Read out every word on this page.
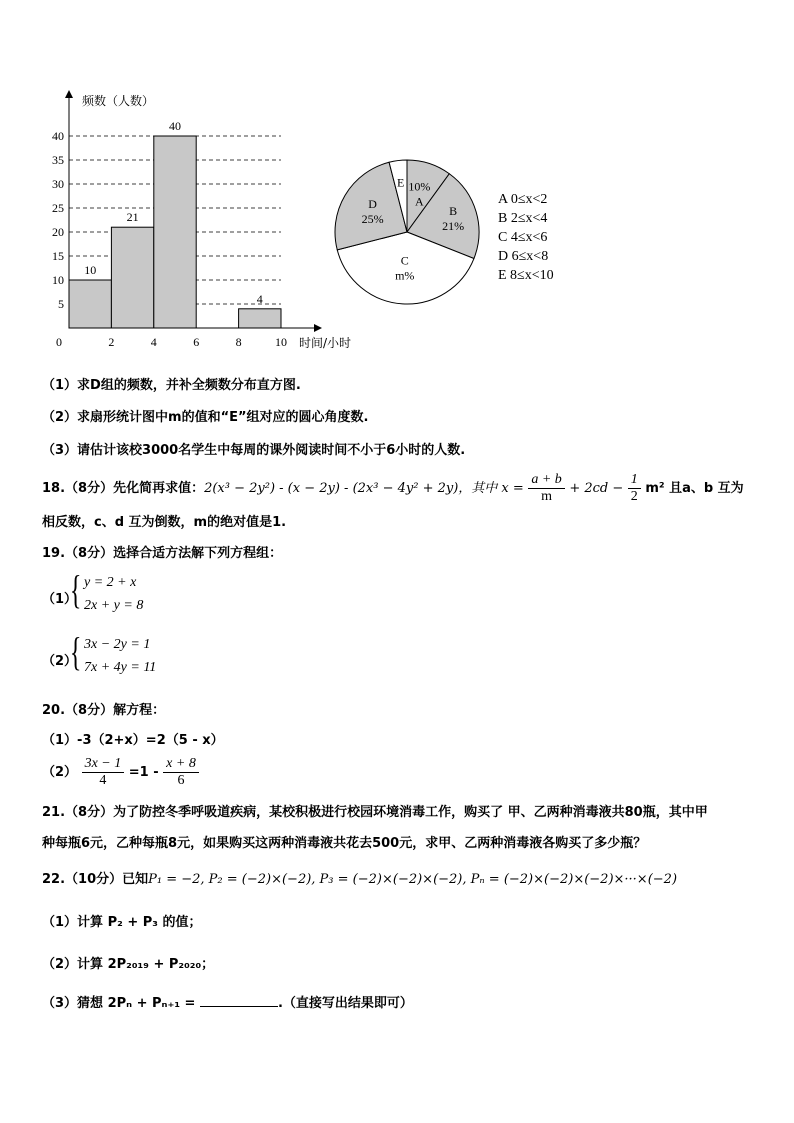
5
10
15
20
25
30
35
40
0	2	4	6	8	10
10
21
40
4
频数（人数）
时间/小时
10%
A
B
21%
C
m%
D
25%
E
A 0≤x<2
B 2≤x<4
C 4≤x<6
D 6≤x<8
E 8≤x<10
（1）求D组的频数，并补全频数分布直方图.
（2）求扇形统计图中m的值和“E”组对应的圆心角度数.
（3）请估计该校3000名学生中每周的课外阅读时间不小于6小时的人数.
18.（8分）先化简再求值：2(x³ − 2y²) - (x − 2y) - (2x³ − 4y² + 2y)，其中 $x = \frac{a + b}{m} + 2cd - \frac{1}{2} m^2$ 且a、b 互为
相反数，c、d 互为倒数，m的绝对值是1.
19.（8分）选择合适方法解下列方程组：
（1）
{ y = 2 + x
2x + y = 8
（2）
{ 3x − 2y = 1
7x + 4y = 11
20.（8分）解方程：
（1）-3（2+x）=2（5 - x）
$(2) \frac{3x - 1}{4} =1 - \frac{x + 8}{6}$
21.（8分）为了防控冬季呼吸道疾病，某校积极进行校园环境消毒工作，购买了 甲、乙两种消毒液共80瓶，其中甲
种每瓶6元，乙种每瓶8元，如果购买这两种消毒液共花去500元，求甲、乙两种消毒液各购买了多少瓶？
22.（10分）已知P₁ = −2, P₂ = (−2)×(−2), P₃ = (−2)×(−2)×(−2), Pₙ = (−2)×(−2)×(−2)×···×(−2)
（1）计算 P₂ + P₃ 的值；
（2）计算 2P₂₀₁₉ + P₂₀₂₀；
（3）猜想 2Pₙ + Pₙ₊₁ =	.（直接写出结果即可）
